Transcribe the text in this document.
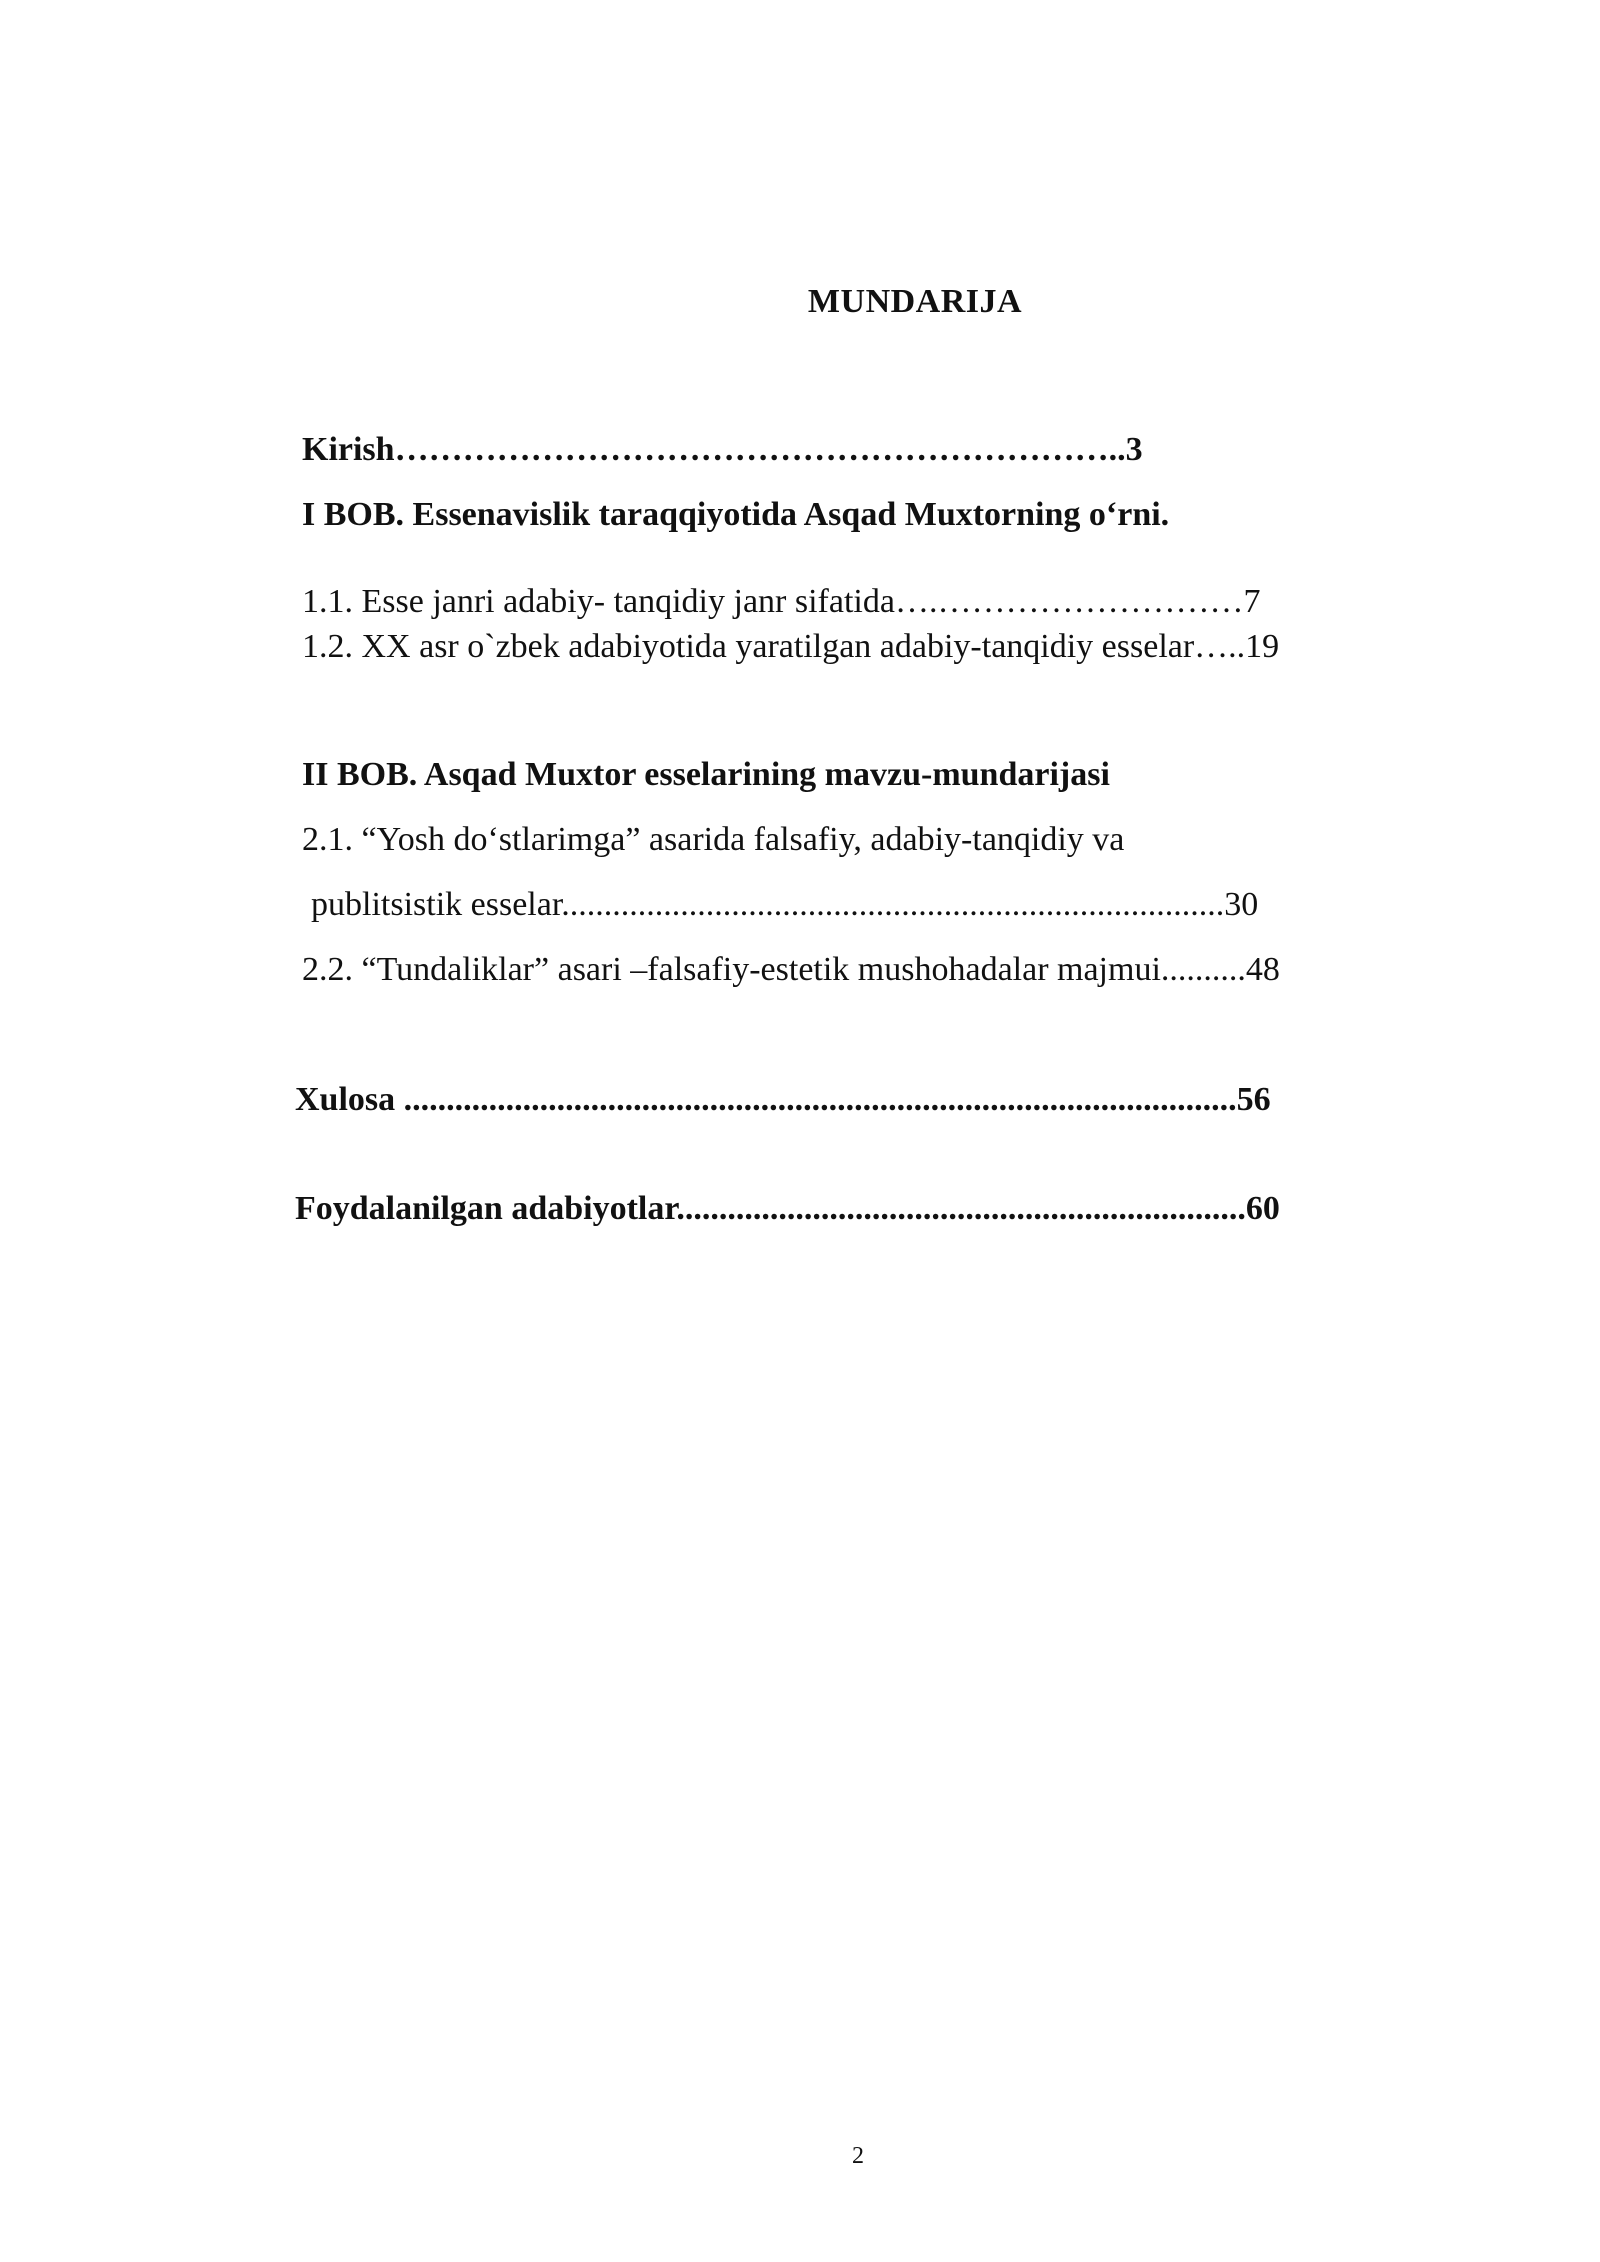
MUNDARIJA
Kirish………………………………………………………..3
I BOB. Essenavislik taraqqiyotida Asqad Muxtorning o‘rni.
1.1. Esse janri adabiy- tanqidiy janr sifatida….………………………7
1.2. XX asr o`zbek adabiyotida yaratilgan adabiy-tanqidiy esselar…..19
II BOB. Asqad Muxtor esselarining mavzu-mundarijasi
2.1. “Yosh do‘stlarimga” asarida falsafiy, adabiy-tanqidiy va
publitsistik esselar..............................................................................30
2.2. “Tundaliklar” asari –falsafiy-estetik mushohadalar majmui..........48
Xulosa ..................................................................................................56
Foydalanilgan adabiyotlar...................................................................60
2
